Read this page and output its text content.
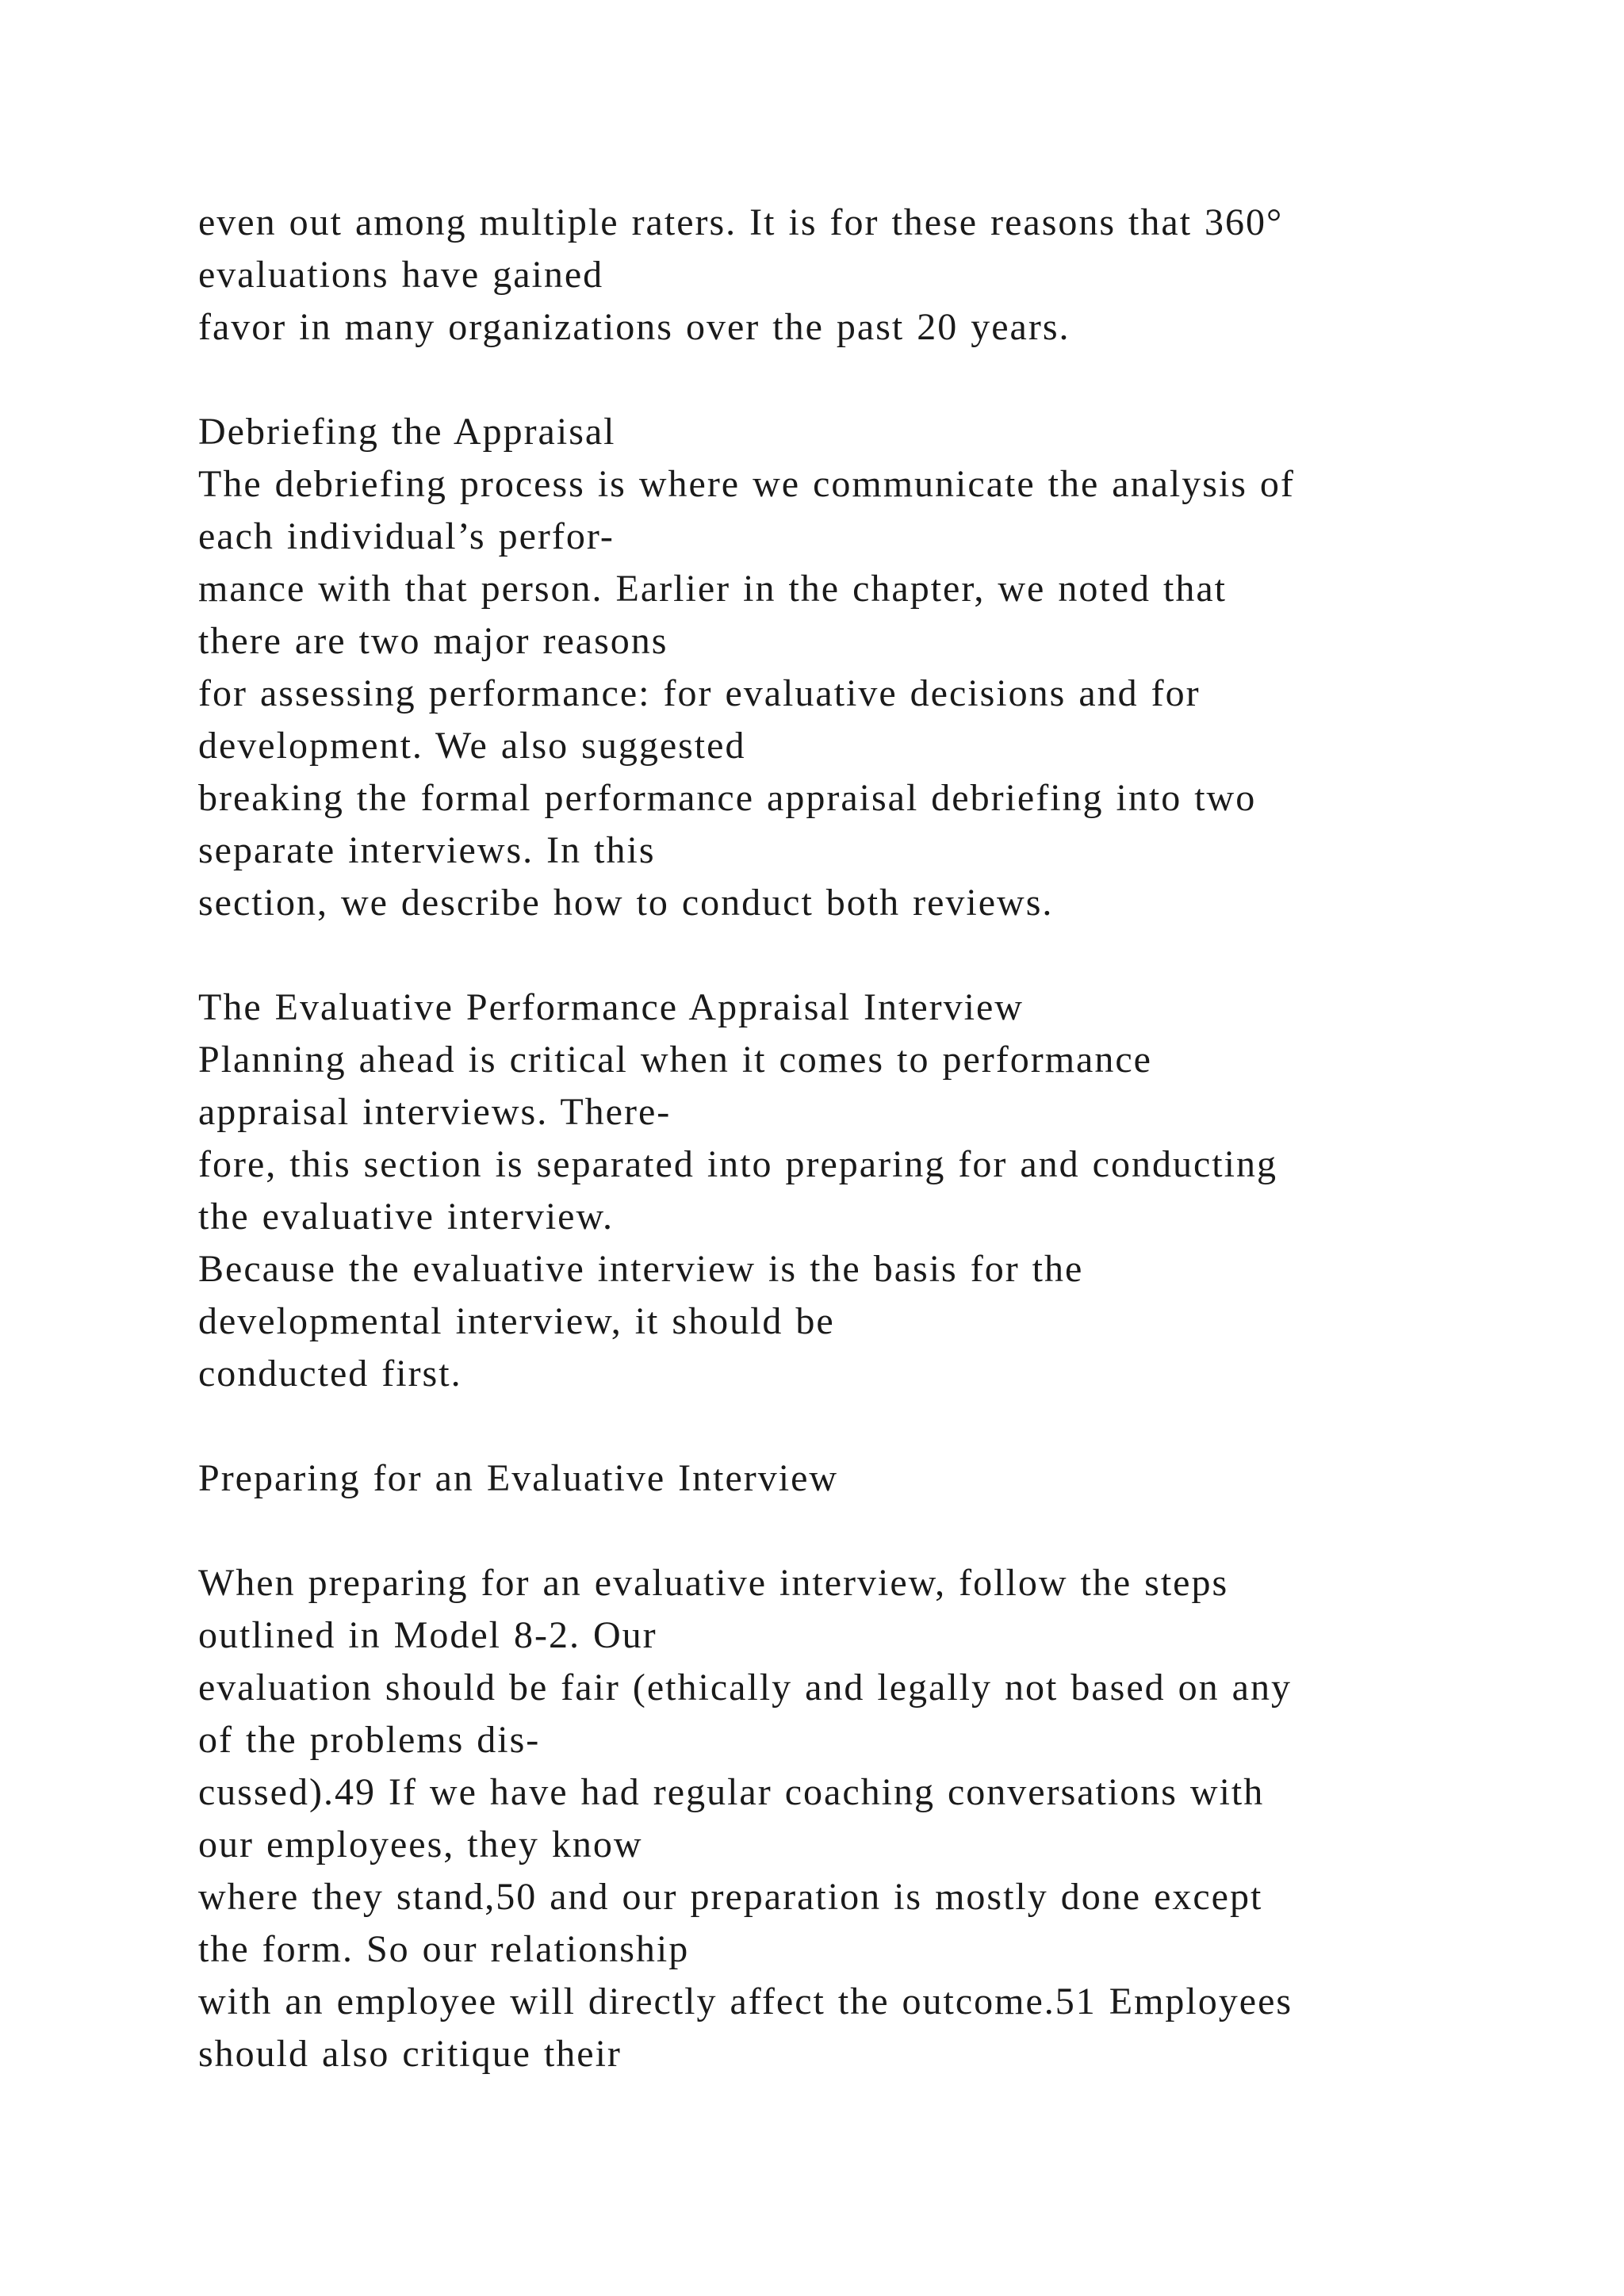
even out among multiple raters. It is for these reasons that 360°
evaluations have gained
favor in many organizations over the past 20 years.
Debriefing the Appraisal
The debriefing process is where we communicate the analysis of
each individual’s perfor-
mance with that person. Earlier in the chapter, we noted that
there are two major reasons
for assessing performance: for evaluative decisions and for
development. We also suggested
breaking the formal performance appraisal debriefing into two
separate interviews. In this
section, we describe how to conduct both reviews.
The Evaluative Performance Appraisal Interview
Planning ahead is critical when it comes to performance
appraisal interviews. There-
fore, this section is separated into preparing for and conducting
the evaluative interview.
Because the evaluative interview is the basis for the
developmental interview, it should be
conducted first.
Preparing for an Evaluative Interview
When preparing for an evaluative interview, follow the steps
outlined in Model 8-2. Our
evaluation should be fair (ethically and legally not based on any
of the problems dis-
cussed).49 If we have had regular coaching conversations with
our employees, they know
where they stand,50 and our preparation is mostly done except
the form. So our relationship
with an employee will directly affect the outcome.51 Employees
should also critique their
